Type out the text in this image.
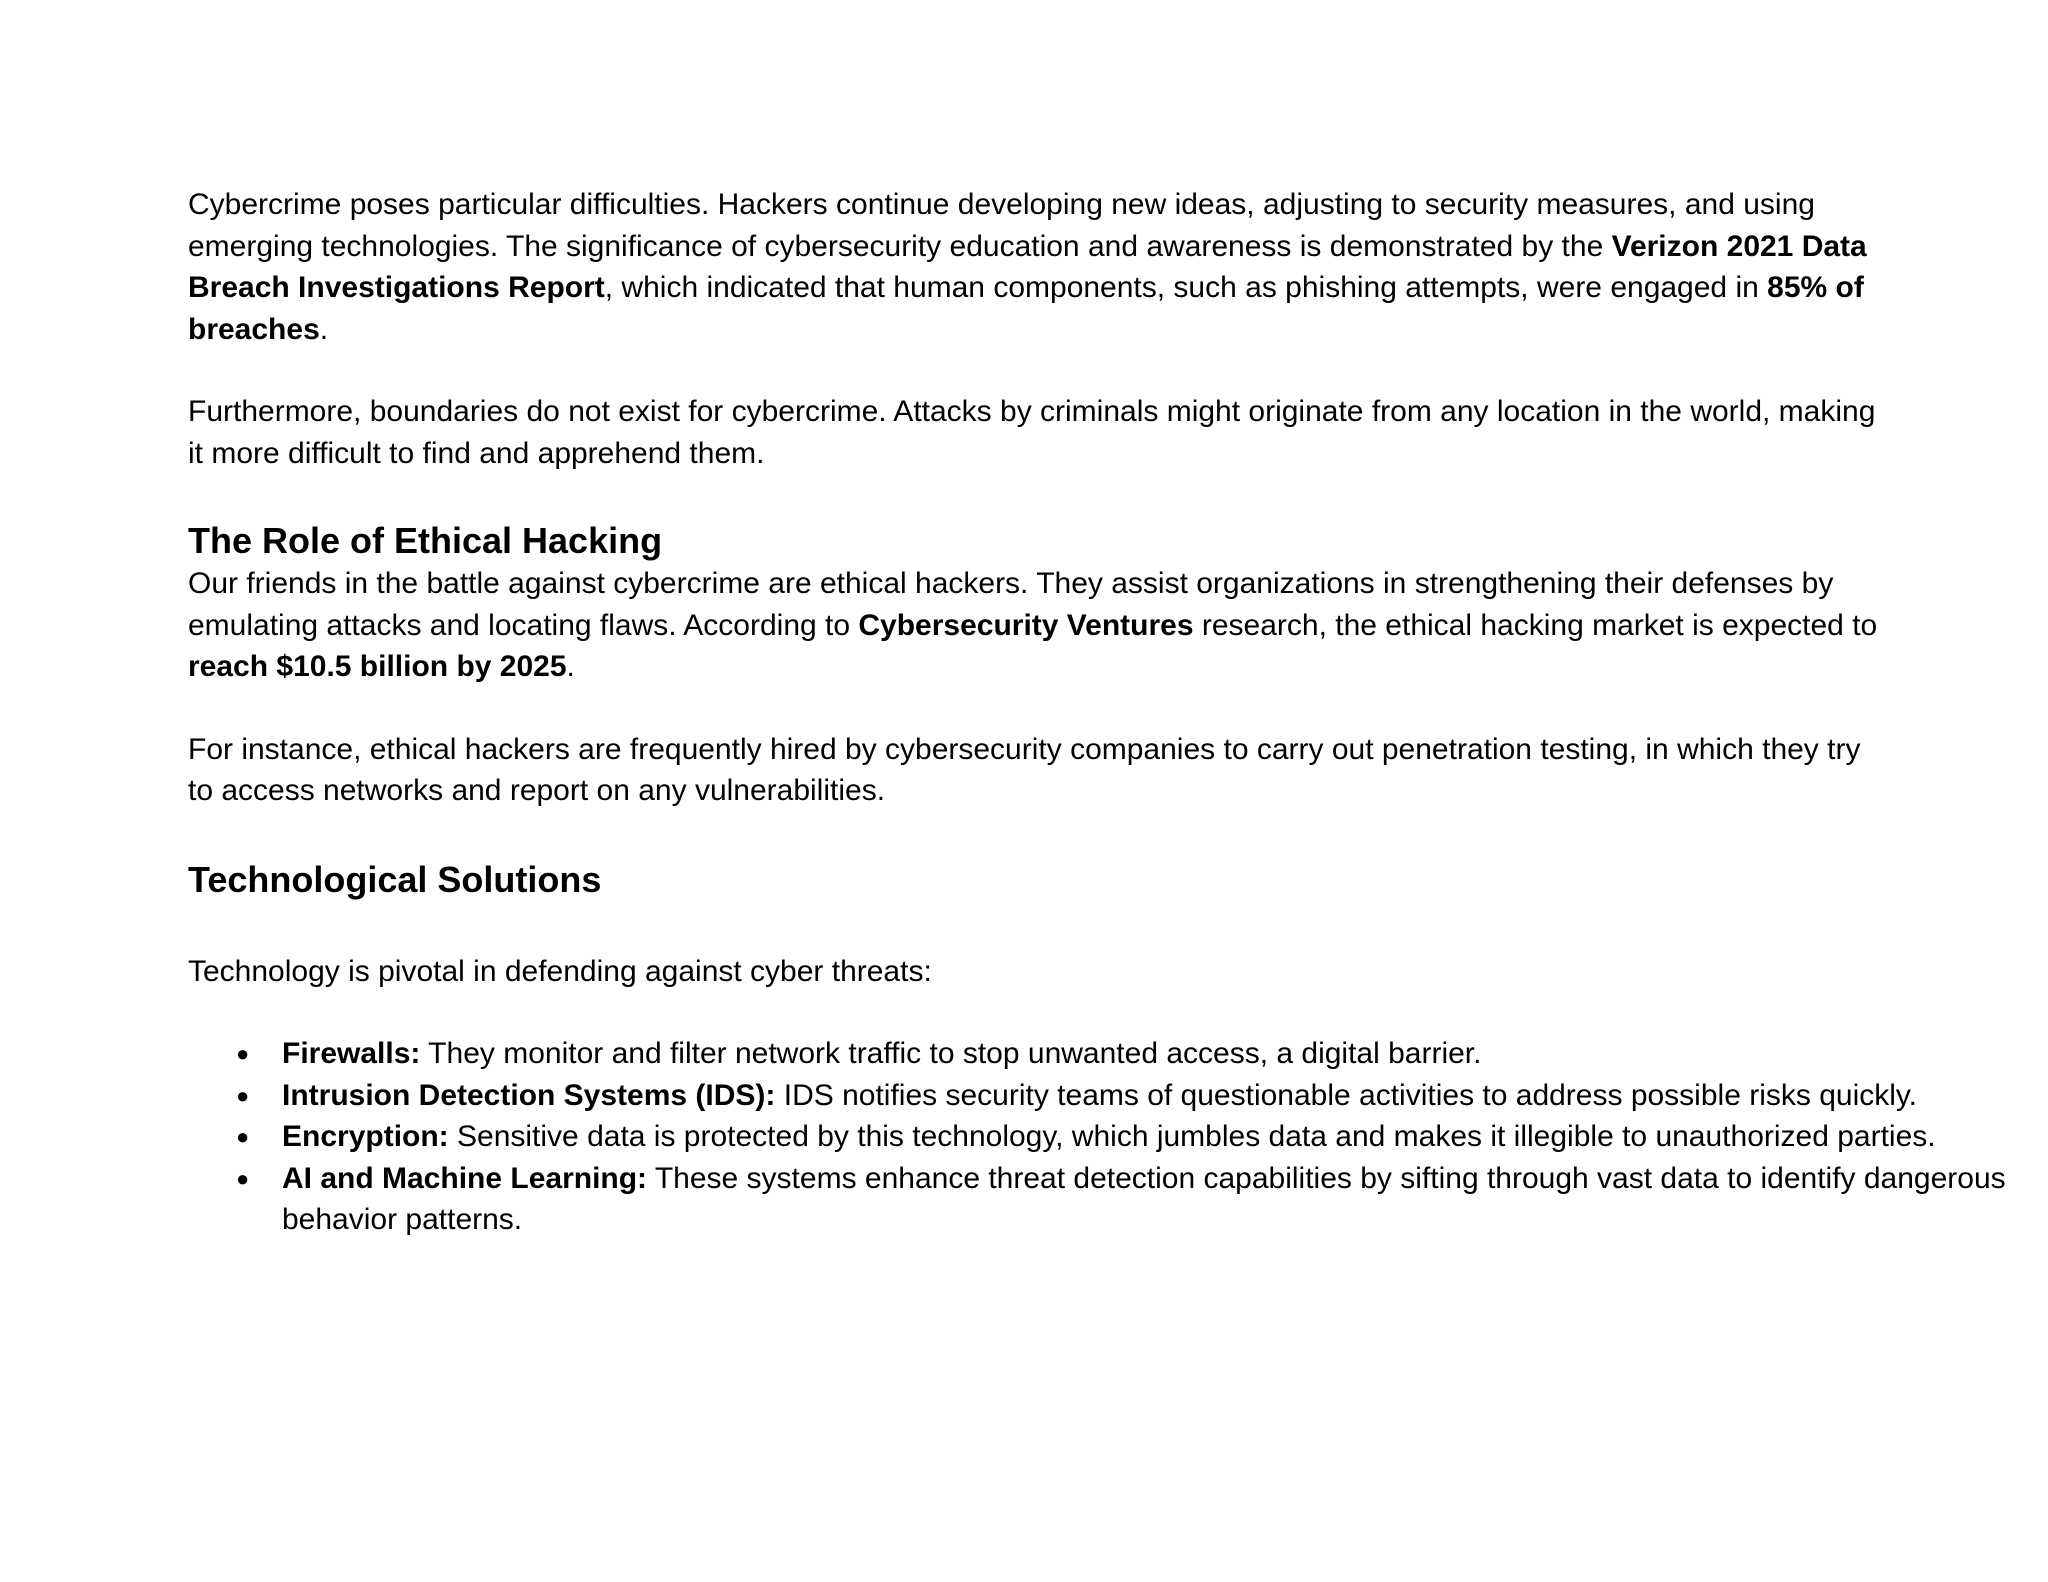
Cybercrime poses particular difficulties. Hackers continue developing new ideas, adjusting to security measures, and using emerging technologies. The significance of cybersecurity education and awareness is demonstrated by the Verizon 2021 Data Breach Investigations Report, which indicated that human components, such as phishing attempts, were engaged in 85% of breaches.

Furthermore, boundaries do not exist for cybercrime. Attacks by criminals might originate from any location in the world, making it more difficult to find and apprehend them.

The Role of Ethical Hacking

Our friends in the battle against cybercrime are ethical hackers. They assist organizations in strengthening their defenses by emulating attacks and locating flaws. According to Cybersecurity Ventures research, the ethical hacking market is expected to reach $10.5 billion by 2025.

For instance, ethical hackers are frequently hired by cybersecurity companies to carry out penetration testing, in which they try to access networks and report on any vulnerabilities.

Technological Solutions

Technology is pivotal in defending against cyber threats:

● Firewalls: They monitor and filter network traffic to stop unwanted access, a digital barrier.
● Intrusion Detection Systems (IDS): IDS notifies security teams of questionable activities to address possible risks quickly.
● Encryption: Sensitive data is protected by this technology, which jumbles data and makes it illegible to unauthorized parties.
● AI and Machine Learning: These systems enhance threat detection capabilities by sifting through vast data to identify dangerous behavior patterns.
